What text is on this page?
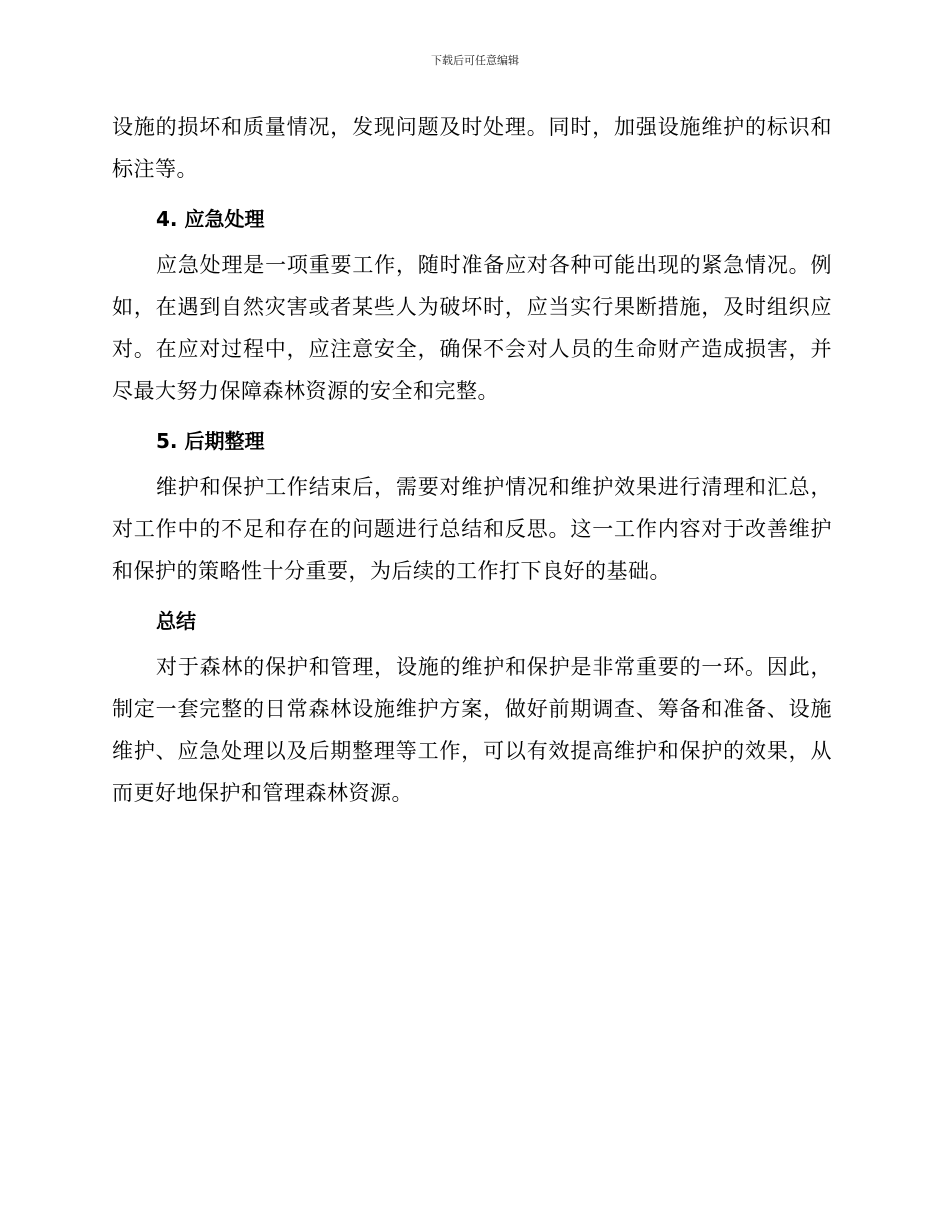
下载后可任意编辑

设施的损坏和质量情况，发现问题及时处理。同时，加强设施维护的标识和标注等。

4. 应急处理

应急处理是一项重要工作，随时准备应对各种可能出现的紧急情况。例如，在遇到自然灾害或者某些人为破坏时，应当实行果断措施，及时组织应对。在应对过程中，应注意安全，确保不会对人员的生命财产造成损害，并尽最大努力保障森林资源的安全和完整。

5. 后期整理

维护和保护工作结束后，需要对维护情况和维护效果进行清理和汇总，对工作中的不足和存在的问题进行总结和反思。这一工作内容对于改善维护和保护的策略性十分重要，为后续的工作打下良好的基础。

总结

对于森林的保护和管理，设施的维护和保护是非常重要的一环。因此，制定一套完整的日常森林设施维护方案，做好前期调查、筹备和准备、设施维护、应急处理以及后期整理等工作，可以有效提高维护和保护的效果，从而更好地保护和管理森林资源。
